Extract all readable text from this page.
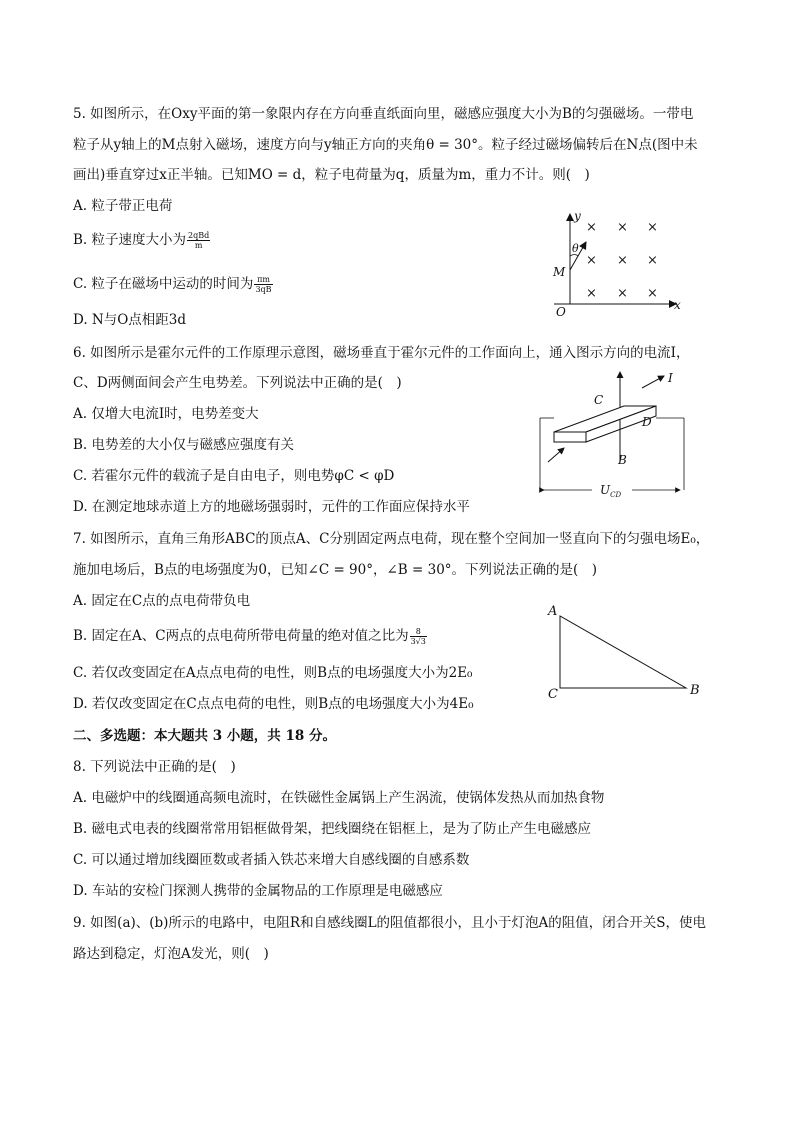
5. 如图所示，在Oxy平面的第一象限内存在方向垂直纸面向里，磁感应强度大小为B的匀强磁场。一带电
粒子从y轴上的M点射入磁场，速度方向与y轴正方向的夹角θ = 30°。粒子经过磁场偏转后在N点(图中未
画出)垂直穿过x正半轴。已知MO = d，粒子电荷量为q，质量为m，重力不计。则(　)
A. 粒子带正电荷
B. 粒子速度大小为 $\frac{\text{2qBd}}{m}$
C. 粒子在磁场中运动的时间为 $\frac{\pi m}{3qB}$
D. N与O点相距3d
y
x
O
M
θ
× × ×
× × ×
× × ×
6. 如图所示是霍尔元件的工作原理示意图，磁场垂直于霍尔元件的工作面向上，通入图示方向的电流I，
C、D两侧面间会产生电势差。下列说法中正确的是(　)
A. 仅增大电流I时，电势差变大
B. 电势差的大小仅与磁感应强度有关
C. 若霍尔元件的载流子是自由电子，则电势φC < φD
D. 在测定地球赤道上方的地磁场强弱时，元件的工作面应保持水平
I
C
D
B
$U_{CD}$
7. 如图所示，直角三角形ABC的顶点A、C分别固定两点电荷，现在整个空间加一竖直向下的匀强电场E₀，
施加电场后，B点的电场强度为0，已知∠C = 90°，∠B = 30°。下列说法正确的是(　)
A. 固定在C点的点电荷带负电
B. 固定在A、C两点的点电荷所带电荷量的绝对值之比为 $\frac{8}{3√3}$
C. 若仅改变固定在A点点电荷的电性，则B点的电场强度大小为2E₀
D. 若仅改变固定在C点点电荷的电性，则B点的电场强度大小为4E₀
A
C	B
二、多选题：本大题共 3 小题，共 18 分。
8. 下列说法中正确的是(　)
A. 电磁炉中的线圈通高频电流时，在铁磁性金属锅上产生涡流，使锅体发热从而加热食物
B. 磁电式电表的线圈常常用铝框做骨架，把线圈绕在铝框上，是为了防止产生电磁感应
C. 可以通过增加线圈匝数或者插入铁芯来增大自感线圈的自感系数
D. 车站的安检门探测人携带的金属物品的工作原理是电磁感应
9. 如图(a)、(b)所示的电路中，电阻R和自感线圈L的阻值都很小，且小于灯泡A的阻值，闭合开关S，使电
路达到稳定，灯泡A发光，则(　)
